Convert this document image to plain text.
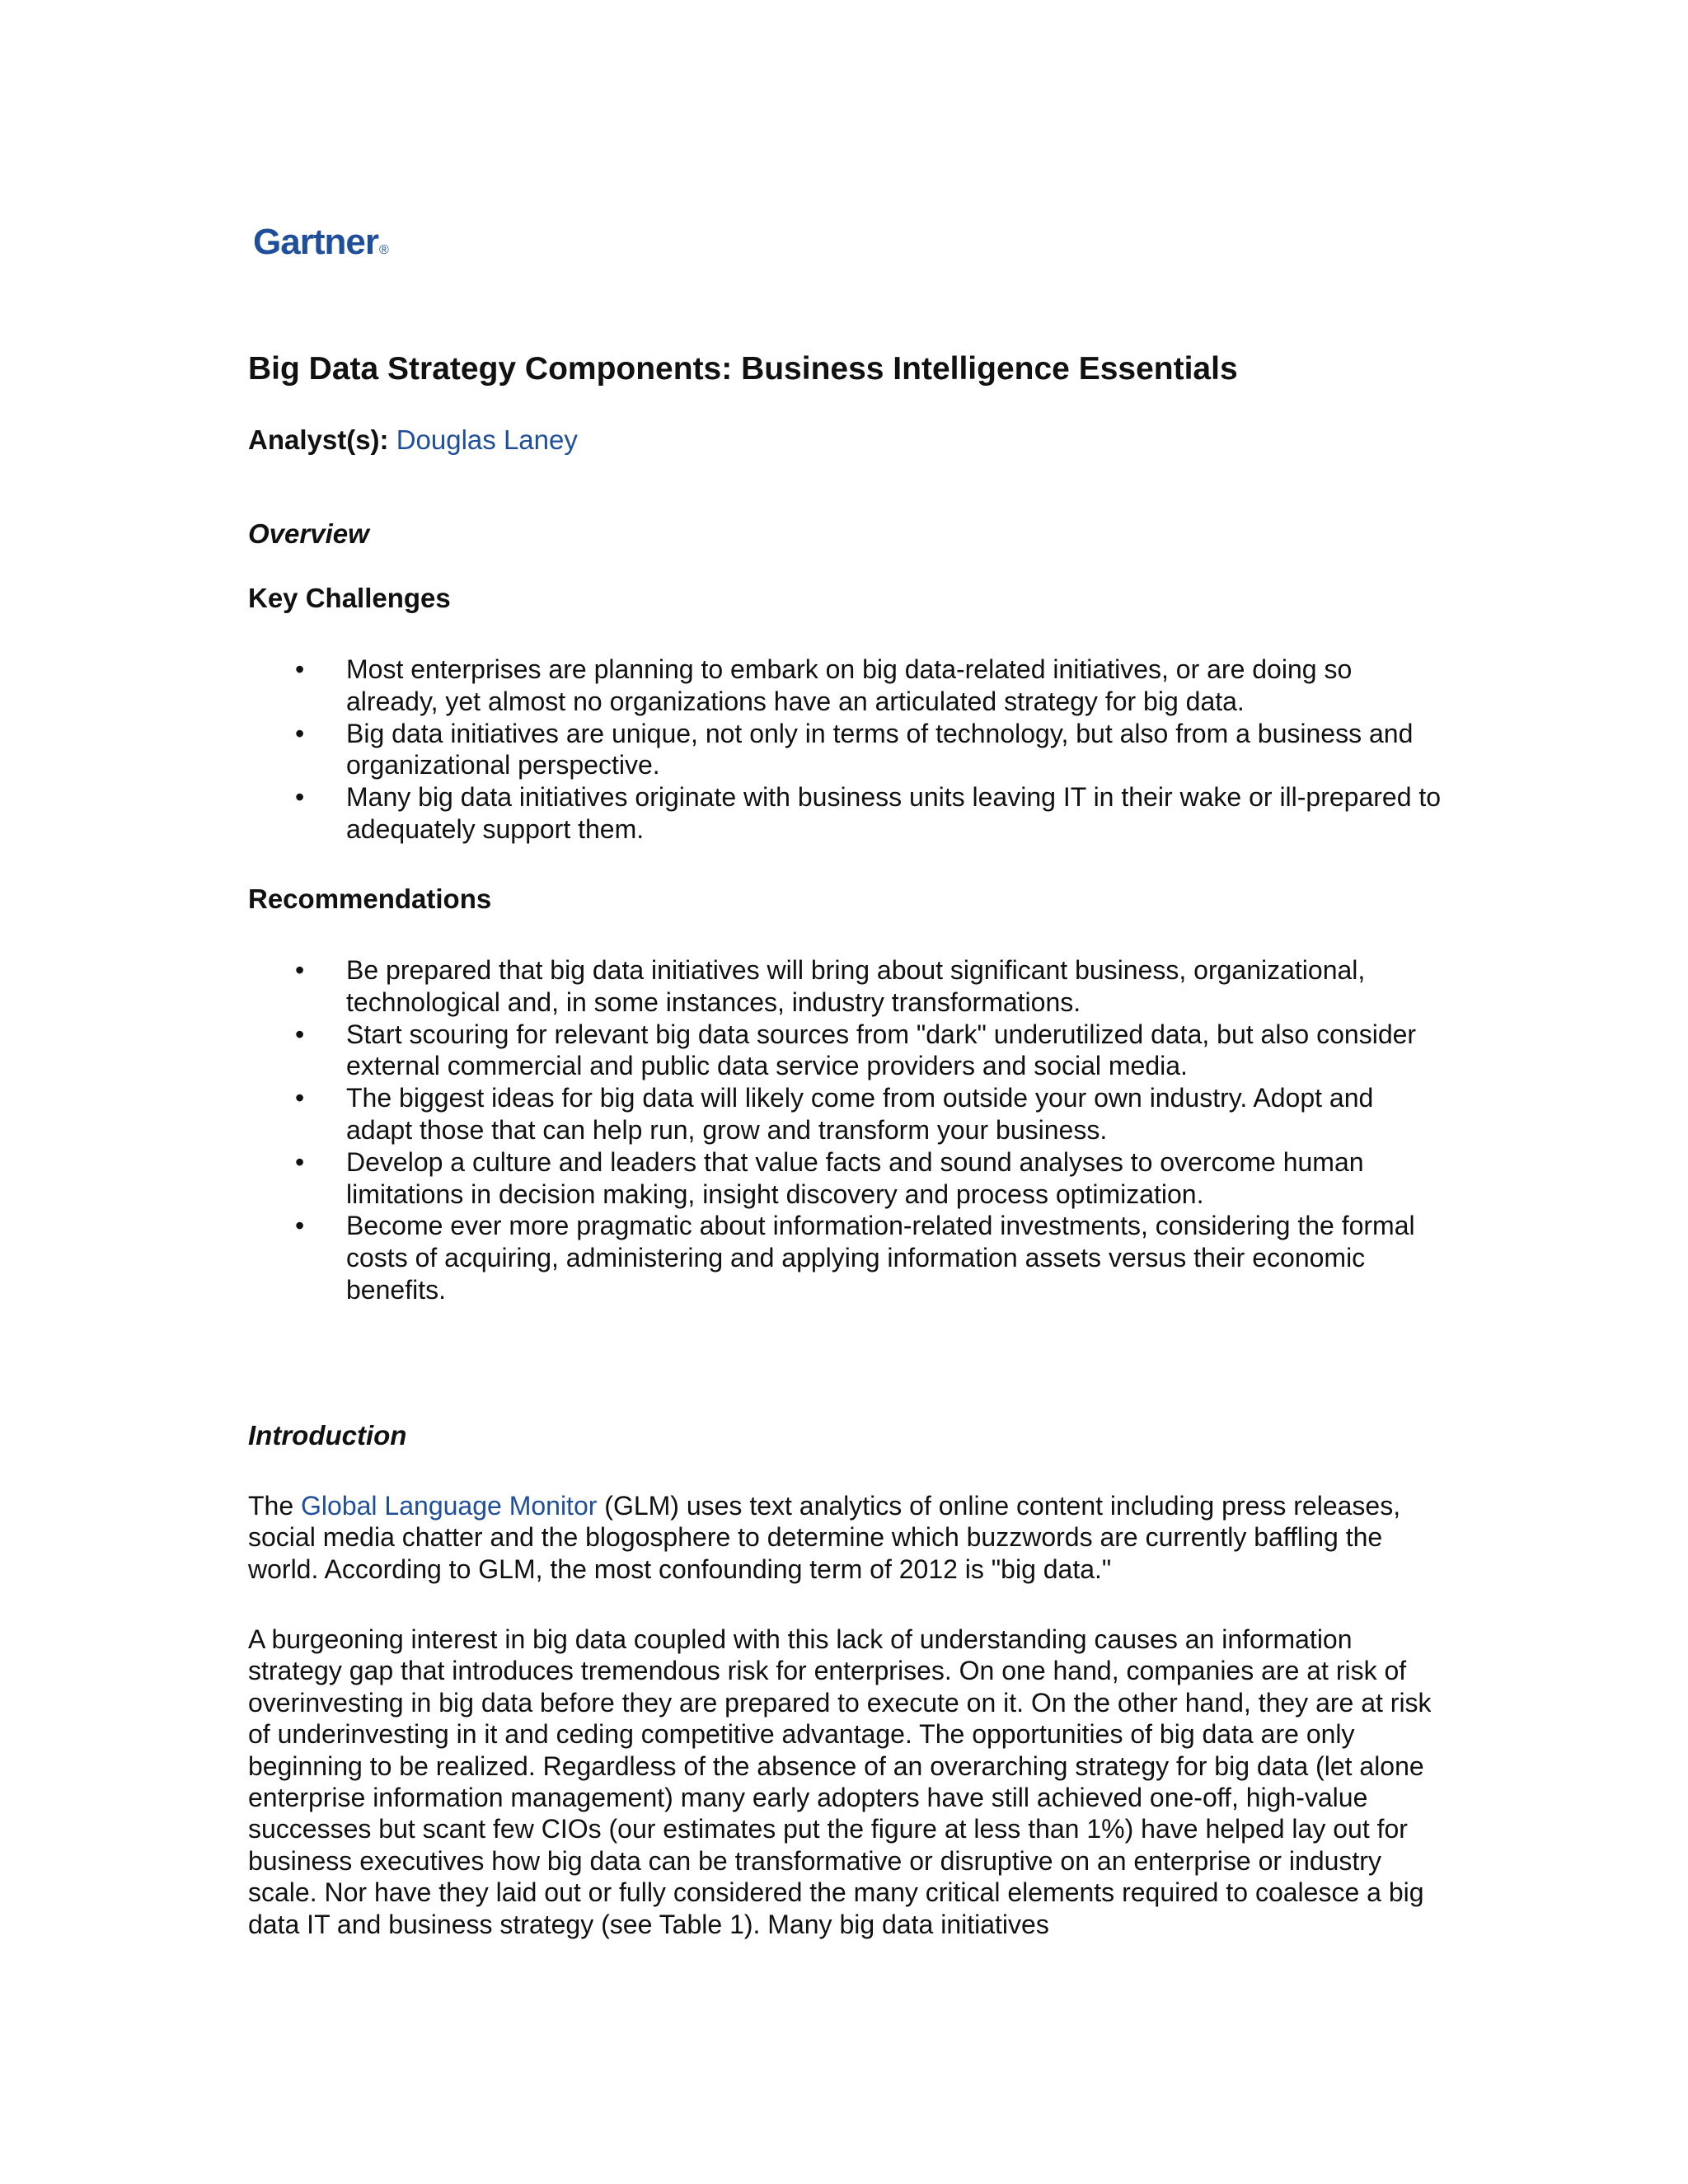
Gartner®
Big Data Strategy Components: Business Intelligence Essentials
Analyst(s): Douglas Laney
Overview
Key Challenges
• Most enterprises are planning to embark on big data-related initiatives, or are doing so already, yet almost no organizations have an articulated strategy for big data.
• Big data initiatives are unique, not only in terms of technology, but also from a business and organizational perspective.
• Many big data initiatives originate with business units leaving IT in their wake or ill-prepared to adequately support them.
Recommendations
• Be prepared that big data initiatives will bring about significant business, organizational, technological and, in some instances, industry transformations.
• Start scouring for relevant big data sources from "dark" underutilized data, but also consider external commercial and public data service providers and social media.
• The biggest ideas for big data will likely come from outside your own industry. Adopt and adapt those that can help run, grow and transform your business.
• Develop a culture and leaders that value facts and sound analyses to overcome human limitations in decision making, insight discovery and process optimization.
• Become ever more pragmatic about information-related investments, considering the formal costs of acquiring, administering and applying information assets versus their economic benefits.
Introduction

The Global Language Monitor (GLM) uses text analytics of online content including press releases, social media chatter and the blogosphere to determine which buzzwords are currently baffling the world. According to GLM, the most confounding term of 2012 is "big data."

A burgeoning interest in big data coupled with this lack of understanding causes an information strategy gap that introduces tremendous risk for enterprises. On one hand, companies are at risk of overinvesting in big data before they are prepared to execute on it. On the other hand, they are at risk of underinvesting in it and ceding competitive advantage. The opportunities of big data are only beginning to be realized. Regardless of the absence of an overarching strategy for big data (let alone enterprise information management) many early adopters have still achieved one-off, high-value successes but scant few CIOs (our estimates put the figure at less than 1%) have helped lay out for business executives how big data can be transformative or disruptive on an enterprise or industry scale. Nor have they laid out or fully considered the many critical elements required to coalesce a big data IT and business strategy (see Table 1). Many big data initiatives
